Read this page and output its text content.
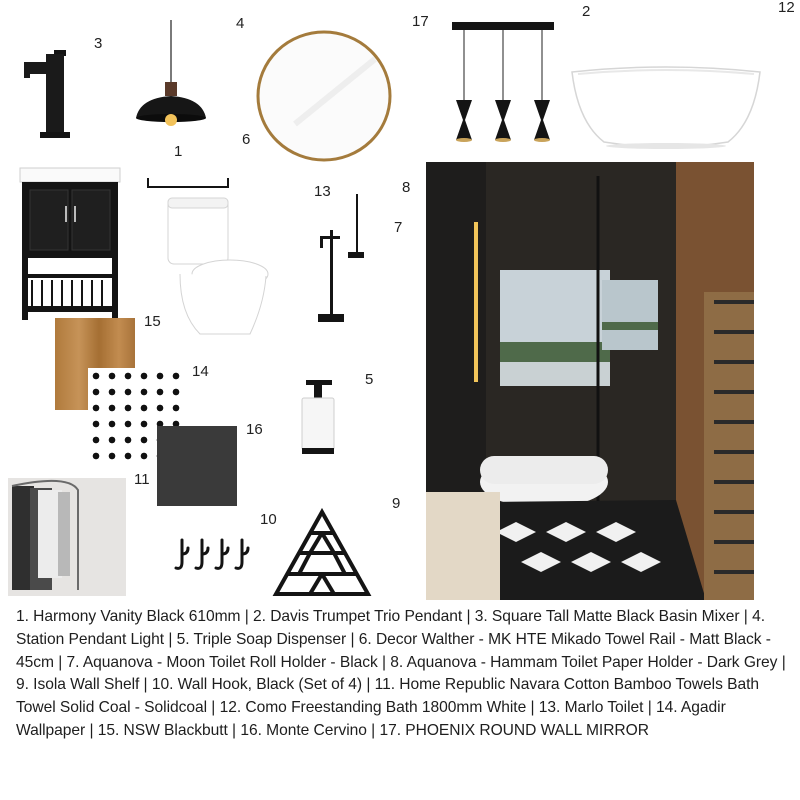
1
2
3
4
5
6
7
8
9
10
11
12
13
14
15
16
17
1. Harmony Vanity Black 610mm | 2. Davis Trumpet Trio Pendant | 3. Square Tall Matte Black Basin Mixer | 4. Station Pendant Light | 5. Triple Soap Dispenser | 6. Decor Walther - MK HTE Mikado Towel Rail - Matt Black - 45cm | 7. Aquanova - Moon Toilet Roll Holder - Black | 8. Aquanova - Hammam Toilet Paper Holder - Dark Grey | 9. Isola Wall Shelf | 10. Wall Hook, Black (Set of 4) | 11. Home Republic Navara Cotton Bamboo Towels Bath Towel Solid Coal - Solidcoal | 12. Como Freestanding Bath 1800mm White | 13. Marlo Toilet | 14. Agadir Wallpaper | 15. NSW Blackbutt | 16. Monte Cervino | 17. PHOENIX ROUND WALL MIRROR
